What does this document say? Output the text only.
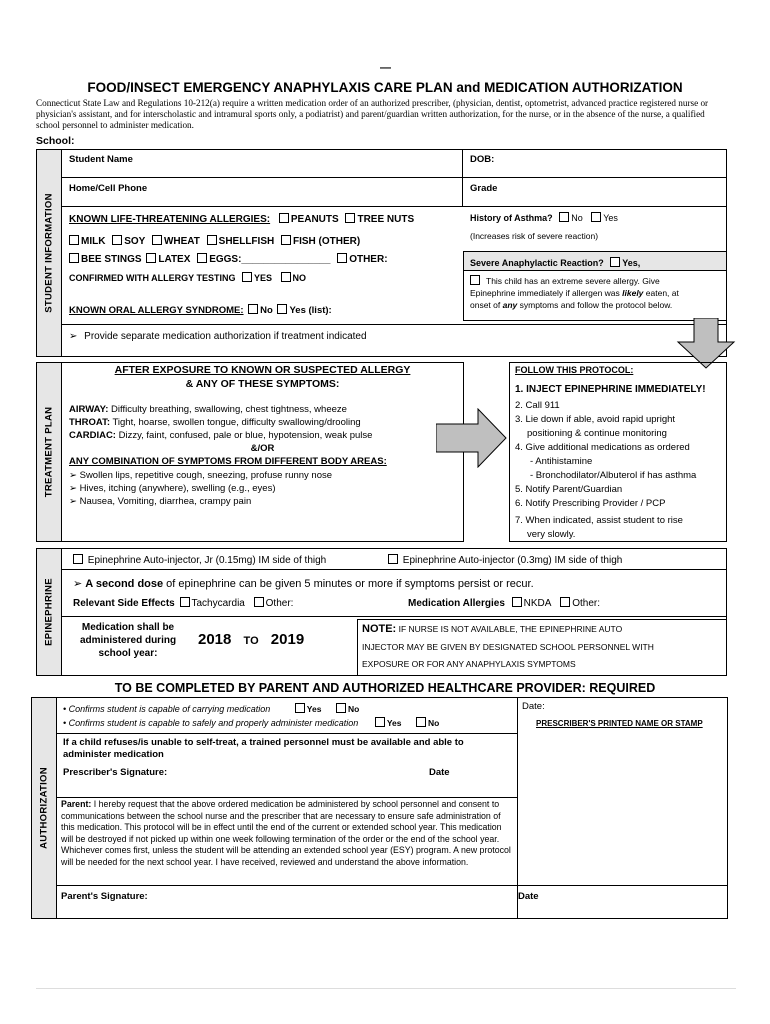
—
FOOD/INSECT EMERGENCY ANAPHYLAXIS CARE PLAN and MEDICATION AUTHORIZATION
Connecticut State Law and Regulations 10-212(a) require a written medication order of an authorized prescriber, (physician, dentist, optometrist, advanced practice registered nurse or physician's assistant, and for interscholastic and intramural sports only, a podiatrist) and parent/guardian written authorization, for the nurse, or in the absence of the nurse, a qualified school personnel to administer medication.
School:
STUDENT INFORMATION
Student Name	DOB:
Home/Cell Phone	Grade
KNOWN LIFE-THREATENING ALLERGIES: PEANUTS TREE NUTS
MILK SOY WHEAT SHELLFISH FISH (OTHER)
BEE STINGS LATEX EGGS:________________ OTHER:
CONFIRMED WITH ALLERGY TESTING YES NO
KNOWN ORAL ALLERGY SYNDROME: No Yes (list):
History of Asthma? No Yes
(Increases risk of severe reaction)
Severe Anaphylactic Reaction? Yes,
This child has an extreme severe allergy. Give
Epinephrine immediately if allergen was likely eaten, at
onset of any symptoms and follow the protocol below.
➢ Provide separate medication authorization if treatment indicated
TREATMENT PLAN
AFTER EXPOSURE TO KNOWN OR SUSPECTED ALLERGY
& ANY OF THESE SYMPTOMS:
AIRWAY: Difficulty breathing, swallowing, chest tightness, wheeze
THROAT: Tight, hoarse, swollen tongue, difficulty swallowing/drooling
CARDIAC: Dizzy, faint, confused, pale or blue, hypotension, weak pulse
&/OR
ANY COMBINATION OF SYMPTOMS FROM DIFFERENT BODY AREAS:
➢ Swollen lips, repetitive cough, sneezing, profuse runny nose
➢ Hives, itching (anywhere), swelling (e.g., eyes)
➢ Nausea, Vomiting, diarrhea, crampy pain
FOLLOW THIS PROTOCOL:
1. INJECT EPINEPHRINE IMMEDIATELY!
2. Call 911
3. Lie down if able, avoid rapid upright
positioning & continue monitoring
4. Give additional medications as ordered
- Antihistamine
- Bronchodilator/Albuterol if has asthma
5. Notify Parent/Guardian
6. Notify Prescribing Provider / PCP
7. When indicated, assist student to rise
very slowly.
EPINEPHRINE
Epinephrine Auto-injector, Jr (0.15mg) IM side of thigh	Epinephrine Auto-injector (0.3mg) IM side of thigh
➢ A second dose of epinephrine can be given 5 minutes or more if symptoms persist or recur.
Relevant Side Effects Tachycardia Other:	Medication Allergies NKDA Other:
Medication shall be
administered during
school year:
2018 TO 2019
NOTE: IF NURSE IS NOT AVAILABLE, THE EPINEPHRINE AUTO
INJECTOR MAY BE GIVEN BY DESIGNATED SCHOOL PERSONNEL WITH
EXPOSURE OR FOR ANY ANAPHYLAXIS SYMPTOMS
TO BE COMPLETED BY PARENT AND AUTHORIZED HEALTHCARE PROVIDER: REQUIRED
AUTHORIZATION
• Confirms student is capable of carrying medication	Yes	No
• Confirms student is capable to safely and properly administer medication	Yes	No
If a child refuses/is unable to self-treat, a trained personnel must be available and able to administer medication
Prescriber's Signature:	Date
Date:
PRESCRIBER'S PRINTED NAME OR STAMP
Parent: I hereby request that the above ordered medication be administered by school personnel and consent to communications between the school nurse and the prescriber that are necessary to ensure safe administration of this medication. This protocol will be in effect until the end of the current or extended school year. This medication will be destroyed if not picked up within one week following termination of the order or the end of the school year. Whichever comes first, unless the student will be attending an extended school year (ESY) program. A new protocol will be needed for the next school year. I have received, reviewed and understand the above information.
Parent's Signature:	Date
